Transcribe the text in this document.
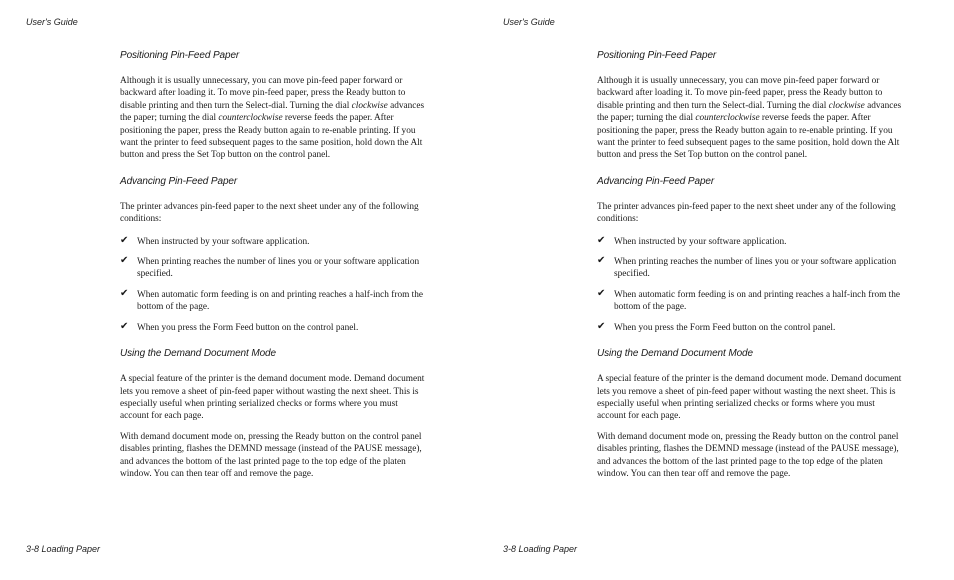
User's Guide
Positioning Pin-Feed Paper

Although it is usually unnecessary, you can move pin-feed paper forward or backward after loading it. To move pin-feed paper, press the Ready button to disable printing and then turn the Select-dial. Turning the dial clockwise advances the paper; turning the dial counterclockwise reverse feeds the paper. After positioning the paper, press the Ready button again to re-enable printing. If you want the printer to feed subsequent pages to the same position, hold down the Alt button and press the Set Top button on the control panel.

Advancing Pin-Feed Paper

The printer advances pin-feed paper to the next sheet under any of the following conditions:

✔ When instructed by your software application.
✔ When printing reaches the number of lines you or your software application specified.
✔ When automatic form feeding is on and printing reaches a half-inch from the bottom of the page.
✔ When you press the Form Feed button on the control panel.
Using the Demand Document Mode

A special feature of the printer is the demand document mode. Demand document lets you remove a sheet of pin-feed paper without wasting the next sheet. This is especially useful when printing serialized checks or forms where you must account for each page.

With demand document mode on, pressing the Ready button on the control panel disables printing, flashes the DEMND message (instead of the PAUSE message), and advances the bottom of the last printed page to the top edge of the platen window. You can then tear off and remove the page.

3-8 Loading Paper
User's Guide
Positioning Pin-Feed Paper

Although it is usually unnecessary, you can move pin-feed paper forward or backward after loading it. To move pin-feed paper, press the Ready button to disable printing and then turn the Select-dial. Turning the dial clockwise advances the paper; turning the dial counterclockwise reverse feeds the paper. After positioning the paper, press the Ready button again to re-enable printing. If you want the printer to feed subsequent pages to the same position, hold down the Alt button and press the Set Top button on the control panel.

Advancing Pin-Feed Paper

The printer advances pin-feed paper to the next sheet under any of the following conditions:

✔ When instructed by your software application.
✔ When printing reaches the number of lines you or your software application specified.
✔ When automatic form feeding is on and printing reaches a half-inch from the bottom of the page.
✔ When you press the Form Feed button on the control panel.
Using the Demand Document Mode

A special feature of the printer is the demand document mode. Demand document lets you remove a sheet of pin-feed paper without wasting the next sheet. This is especially useful when printing serialized checks or forms where you must account for each page.

With demand document mode on, pressing the Ready button on the control panel disables printing, flashes the DEMND message (instead of the PAUSE message), and advances the bottom of the last printed page to the top edge of the platen window. You can then tear off and remove the page.

3-8 Loading Paper
